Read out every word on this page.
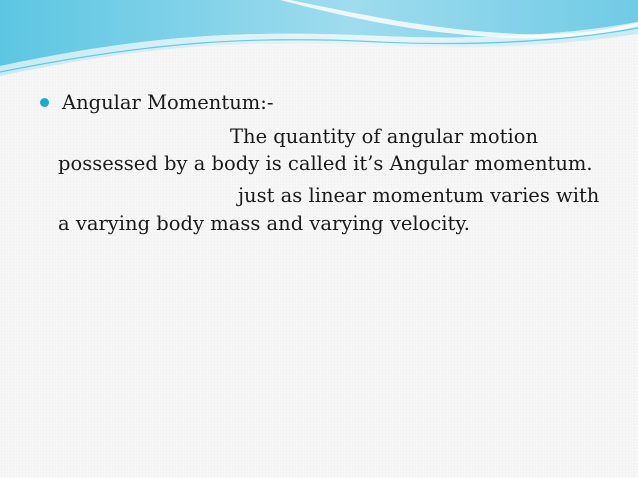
Angular Momentum:-
The quantity of angular motion
possessed by a body is called it’s Angular momentum.
just as linear momentum varies with
a varying body mass and varying velocity.
